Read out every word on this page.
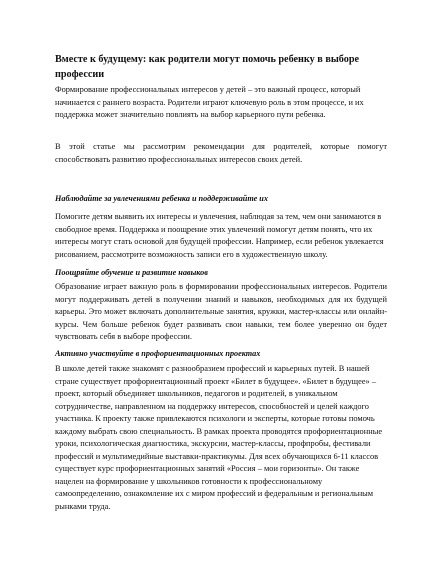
Вместе к будущему: как родители могут помочь ребенку в выборе профессии

Формирование профессиональных интересов у детей – это важный процесс, который начинается с раннего возраста. Родители играют ключевую роль в этом процессе, и их поддержка может значительно повлиять на выбор карьерного пути ребенка.

В этой статье мы рассмотрим рекомендации для родителей, которые помогут способствовать развитию профессиональных интересов своих детей.

Наблюдайте за увлечениями ребенка и поддерживайте их

Помогите детям выявить их интересы и увлечения, наблюдая за тем, чем они занимаются в свободное время. Поддержка и поощрение этих увлечений помогут детям понять, что их интересы могут стать основой для будущей профессии. Например, если ребенок увлекается рисованием, рассмотрите возможность записи его в художественную школу.

Поощряйте обучение и развитие навыков

Образование играет важную роль в формировании профессиональных интересов. Родители могут поддерживать детей в получении знаний и навыков, необходимых для их будущей карьеры. Это может включать дополнительные занятия, кружки, мастер-классы или онлайн-курсы. Чем больше ребенок будет развивать свои навыки, тем более уверенно он будет чувствовать себя в выборе профессии.

Активно участвуйте в профориентационных проектах

В школе детей также знакомят с разнообразием профессий и карьерных путей. В нашей стране существует профориентационный проект «Билет в будущее». «Билет в будущее» – проект, который объединяет школьников, педагогов и родителей, в уникальном сотрудничестве, направленном на поддержку интересов, способностей и целей каждого участника. К проекту также привлекаются психологи и эксперты, которые готовы помочь каждому выбрать свою специальность. В рамках проекта проводятся профориентационные уроки, психологическая диагностика, экскурсии, мастер-классы, профпробы, фестивали профессий и мультимедийные выставки-практикумы. Для всех обучающихся 6-11 классов существует курс профориентационных занятий «Россия – мои горизонты». Он также нацелен на формирование у школьников готовности к профессиональному самоопределению, ознакомление их с миром профессий и федеральным и региональным рынками труда.
